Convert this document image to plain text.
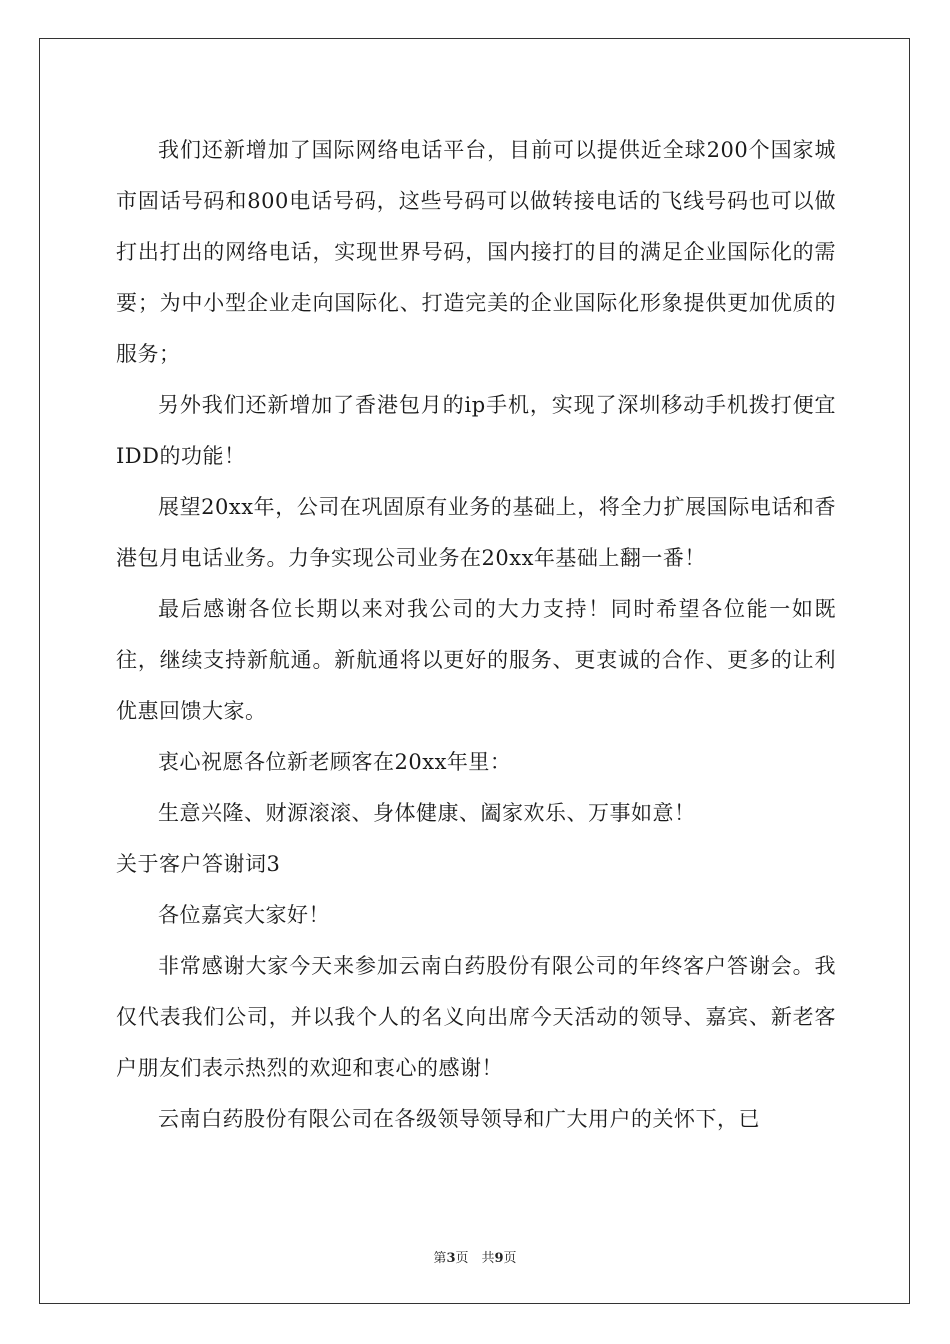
我们还新增加了国际网络电话平台，目前可以提供近全球200个国家城市固话号码和800电话号码，这些号码可以做转接电话的飞线号码也可以做打出打出的网络电话，实现世界号码，国内接打的目的满足企业国际化的需要；为中小型企业走向国际化、打造完美的企业国际化形象提供更加优质的服务；

另外我们还新增加了香港包月的ip手机，实现了深圳移动手机拨打便宜IDD的功能！

展望20xx年，公司在巩固原有业务的基础上，将全力扩展国际电话和香港包月电话业务。力争实现公司业务在20xx年基础上翻一番！

最后感谢各位长期以来对我公司的大力支持！同时希望各位能一如既往，继续支持新航通。新航通将以更好的服务、更衷诚的合作、更多的让利优惠回馈大家。

衷心祝愿各位新老顾客在20xx年里：

生意兴隆、财源滚滚、身体健康、阖家欢乐、万事如意！

关于客户答谢词3

各位嘉宾大家好！

非常感谢大家今天来参加云南白药股份有限公司的年终客户答谢会。我仅代表我们公司，并以我个人的名义向出席今天活动的领导、嘉宾、新老客户朋友们表示热烈的欢迎和衷心的感谢！

云南白药股份有限公司在各级领导领导和广大用户的关怀下，已

第3页　共9页
